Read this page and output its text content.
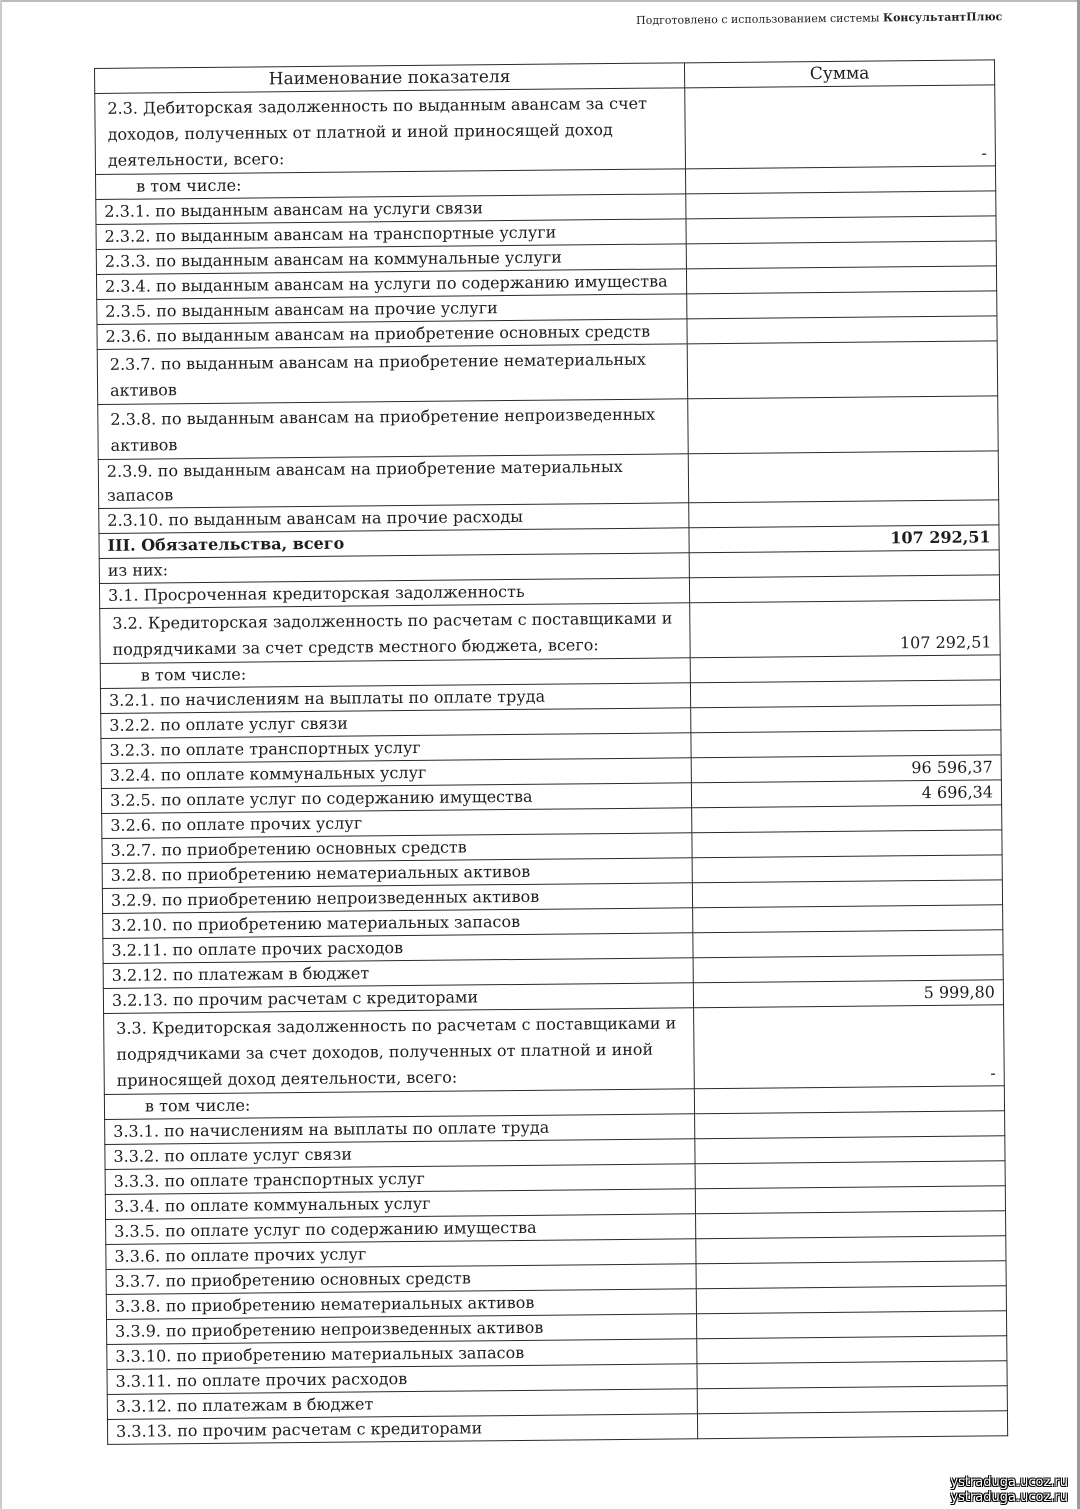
Подготовлено с использованием системы КонсультантПлюс
Наименование показателя	Сумма
2.3. Дебиторская задолженность по выданным авансам за счет доходов, полученных от платной и иной приносящей доход деятельности, всего:	-
в том числе:	
2.3.1. по выданным авансам на услуги связи	
2.3.2. по выданным авансам на транспортные услуги	
2.3.3. по выданным авансам на коммунальные услуги	
2.3.4. по выданным авансам на услуги по содержанию имущества	
2.3.5. по выданным авансам на прочие услуги	
2.3.6. по выданным авансам на приобретение основных средств	
2.3.7. по выданным авансам на приобретение нематериальных активов	
2.3.8. по выданным авансам на приобретение непроизведенных активов	
2.3.9. по выданным авансам на приобретение материальных запасов	
2.3.10. по выданным авансам на прочие расходы	
III. Обязательства, всего	107 292,51
из них:	
3.1. Просроченная кредиторская задолженность	
3.2. Кредиторская задолженность по расчетам с поставщиками и подрядчиками за счет средств местного бюджета, всего:	107 292,51
в том числе:	
3.2.1. по начислениям на выплаты по оплате труда	
3.2.2. по оплате услуг связи	
3.2.3. по оплате транспортных услуг	
3.2.4. по оплате коммунальных услуг	96 596,37
3.2.5. по оплате услуг по содержанию имущества	4 696,34
3.2.6. по оплате прочих услуг	
3.2.7. по приобретению основных средств	
3.2.8. по приобретению нематериальных активов	
3.2.9. по приобретению непроизведенных активов	
3.2.10. по приобретению материальных запасов	
3.2.11. по оплате прочих расходов	
3.2.12. по платежам в бюджет	
3.2.13. по прочим расчетам с кредиторами	5 999,80
3.3. Кредиторская задолженность по расчетам с поставщиками и подрядчиками за счет доходов, полученных от платной и иной приносящей доход деятельности, всего:	-
в том числе:	
3.3.1. по начислениям на выплаты по оплате труда	
3.3.2. по оплате услуг связи	
3.3.3. по оплате транспортных услуг	
3.3.4. по оплате коммунальных услуг	
3.3.5. по оплате услуг по содержанию имущества	
3.3.6. по оплате прочих услуг	
3.3.7. по приобретению основных средств	
3.3.8. по приобретению нематериальных активов	
3.3.9. по приобретению непроизведенных активов	
3.3.10. по приобретению материальных запасов	
3.3.11. по оплате прочих расходов	
3.3.12. по платежам в бюджет	
3.3.13. по прочим расчетам с кредиторами	
ystraduga.ucoz.ru
ystraduga.ucoz.ru
